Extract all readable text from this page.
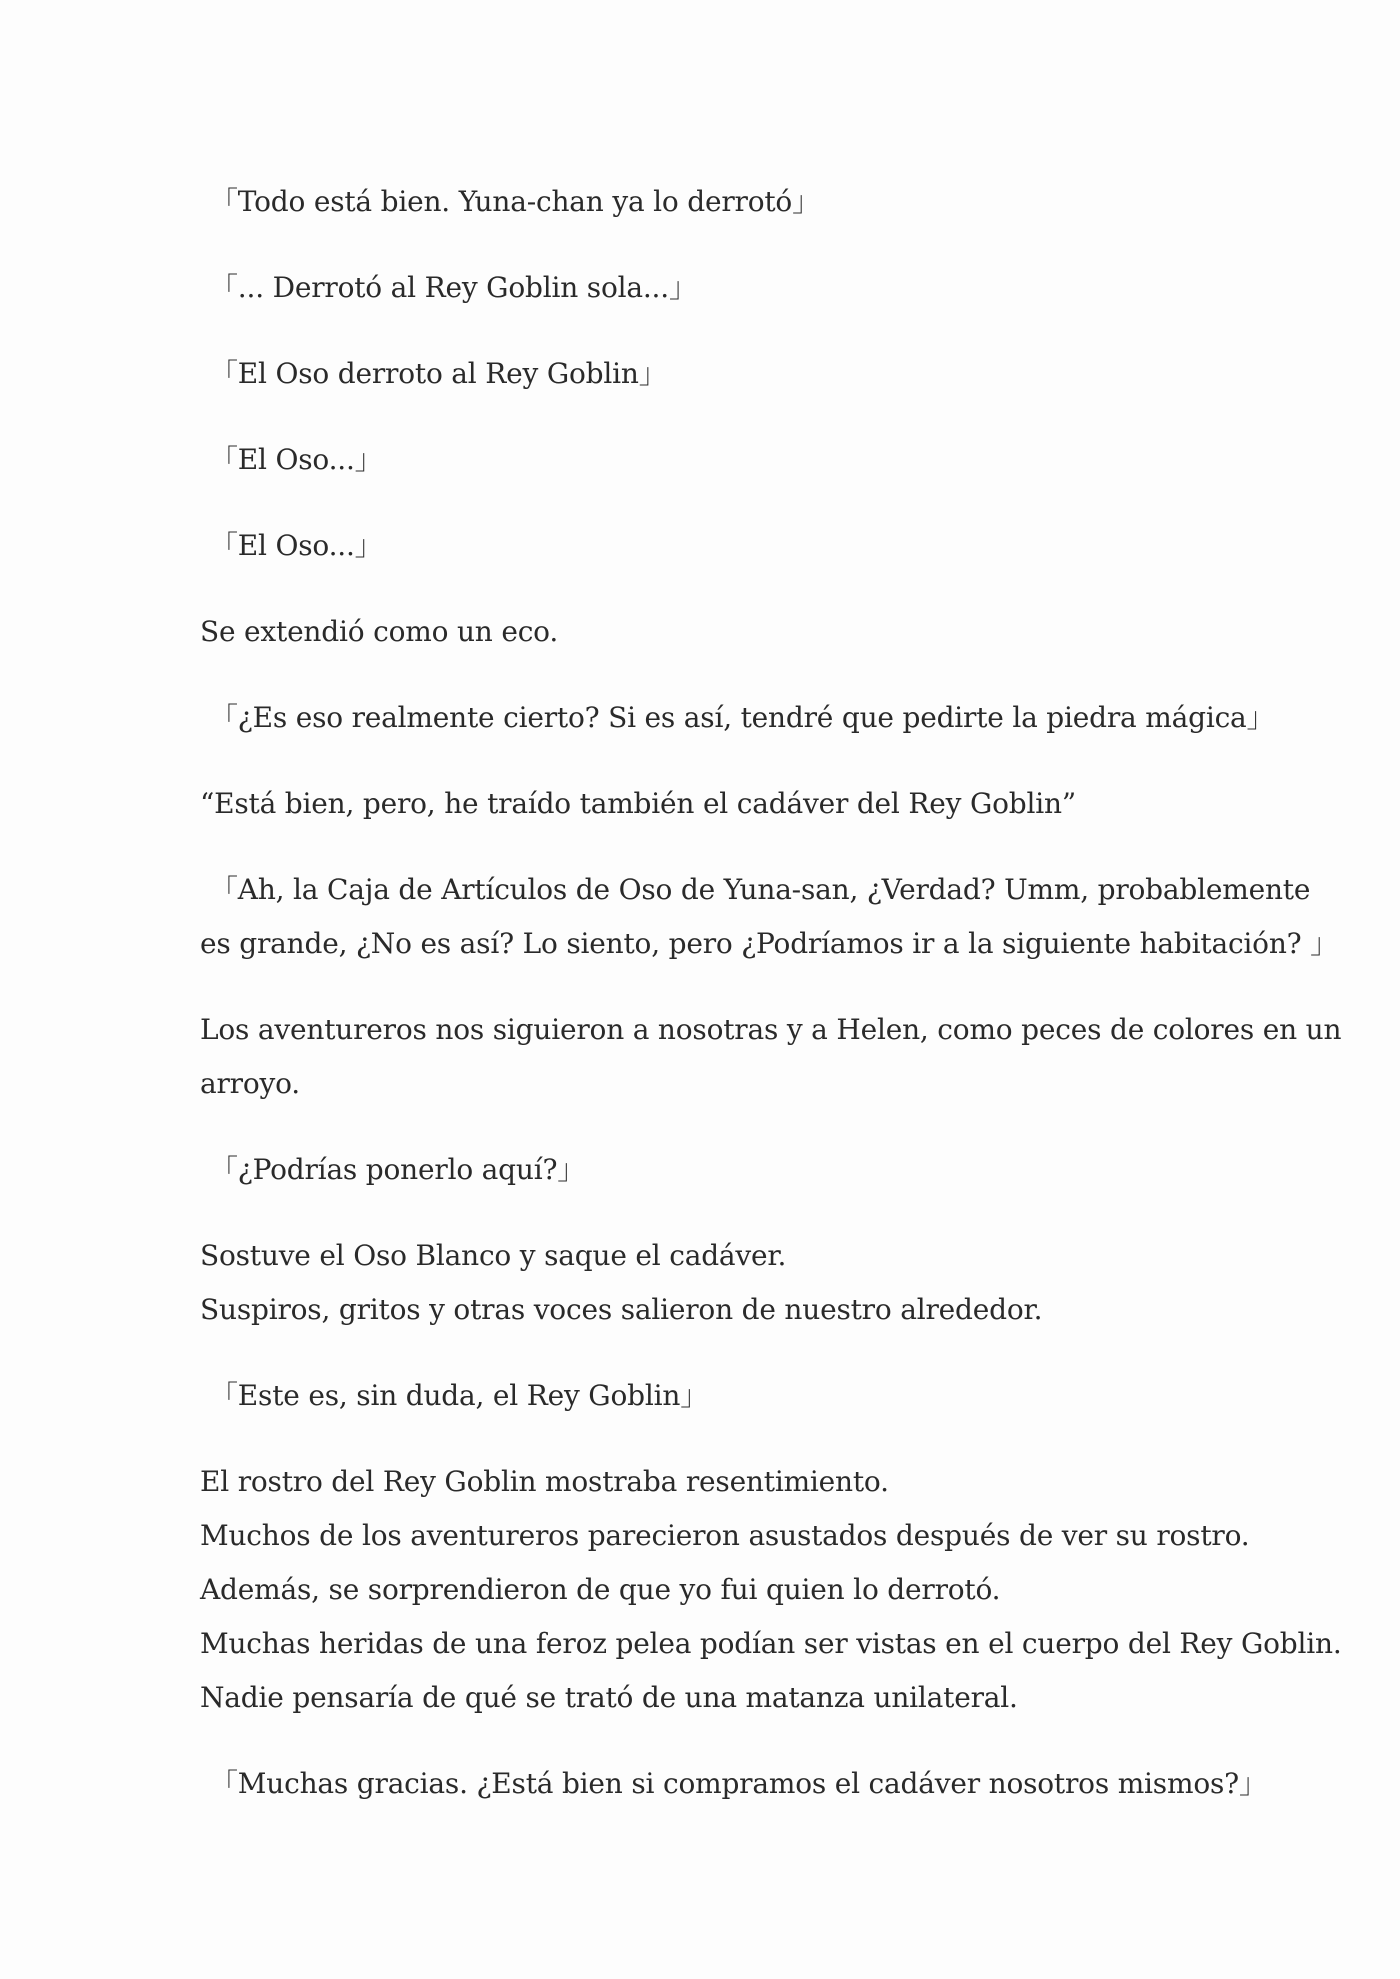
「Todo está bien. Yuna-chan ya lo derrotó」

「... Derrotó al Rey Goblin sola...」

「El Oso derroto al Rey Goblin」

「El Oso...」

「El Oso...」

Se extendió como un eco.

「¿Es eso realmente cierto? Si es así, tendré que pedirte la piedra mágica」

“Está bien, pero, he traído también el cadáver del Rey Goblin”

「Ah, la Caja de Artículos de Oso de Yuna-san, ¿Verdad? Umm, probablemente

es grande, ¿No es así? Lo siento, pero ¿Podríamos ir a la siguiente habitación? 」

Los aventureros nos siguieron a nosotras y a Helen, como peces de colores en un

arroyo.

「¿Podrías ponerlo aquí?」

Sostuve el Oso Blanco y saque el cadáver.

Suspiros, gritos y otras voces salieron de nuestro alrededor.

「Este es, sin duda, el Rey Goblin」

El rostro del Rey Goblin mostraba resentimiento.

Muchos de los aventureros parecieron asustados después de ver su rostro.

Además, se sorprendieron de que yo fui quien lo derrotó.

Muchas heridas de una feroz pelea podían ser vistas en el cuerpo del Rey Goblin.

Nadie pensaría de qué se trató de una matanza unilateral.

「Muchas gracias. ¿Está bien si compramos el cadáver nosotros mismos?」
